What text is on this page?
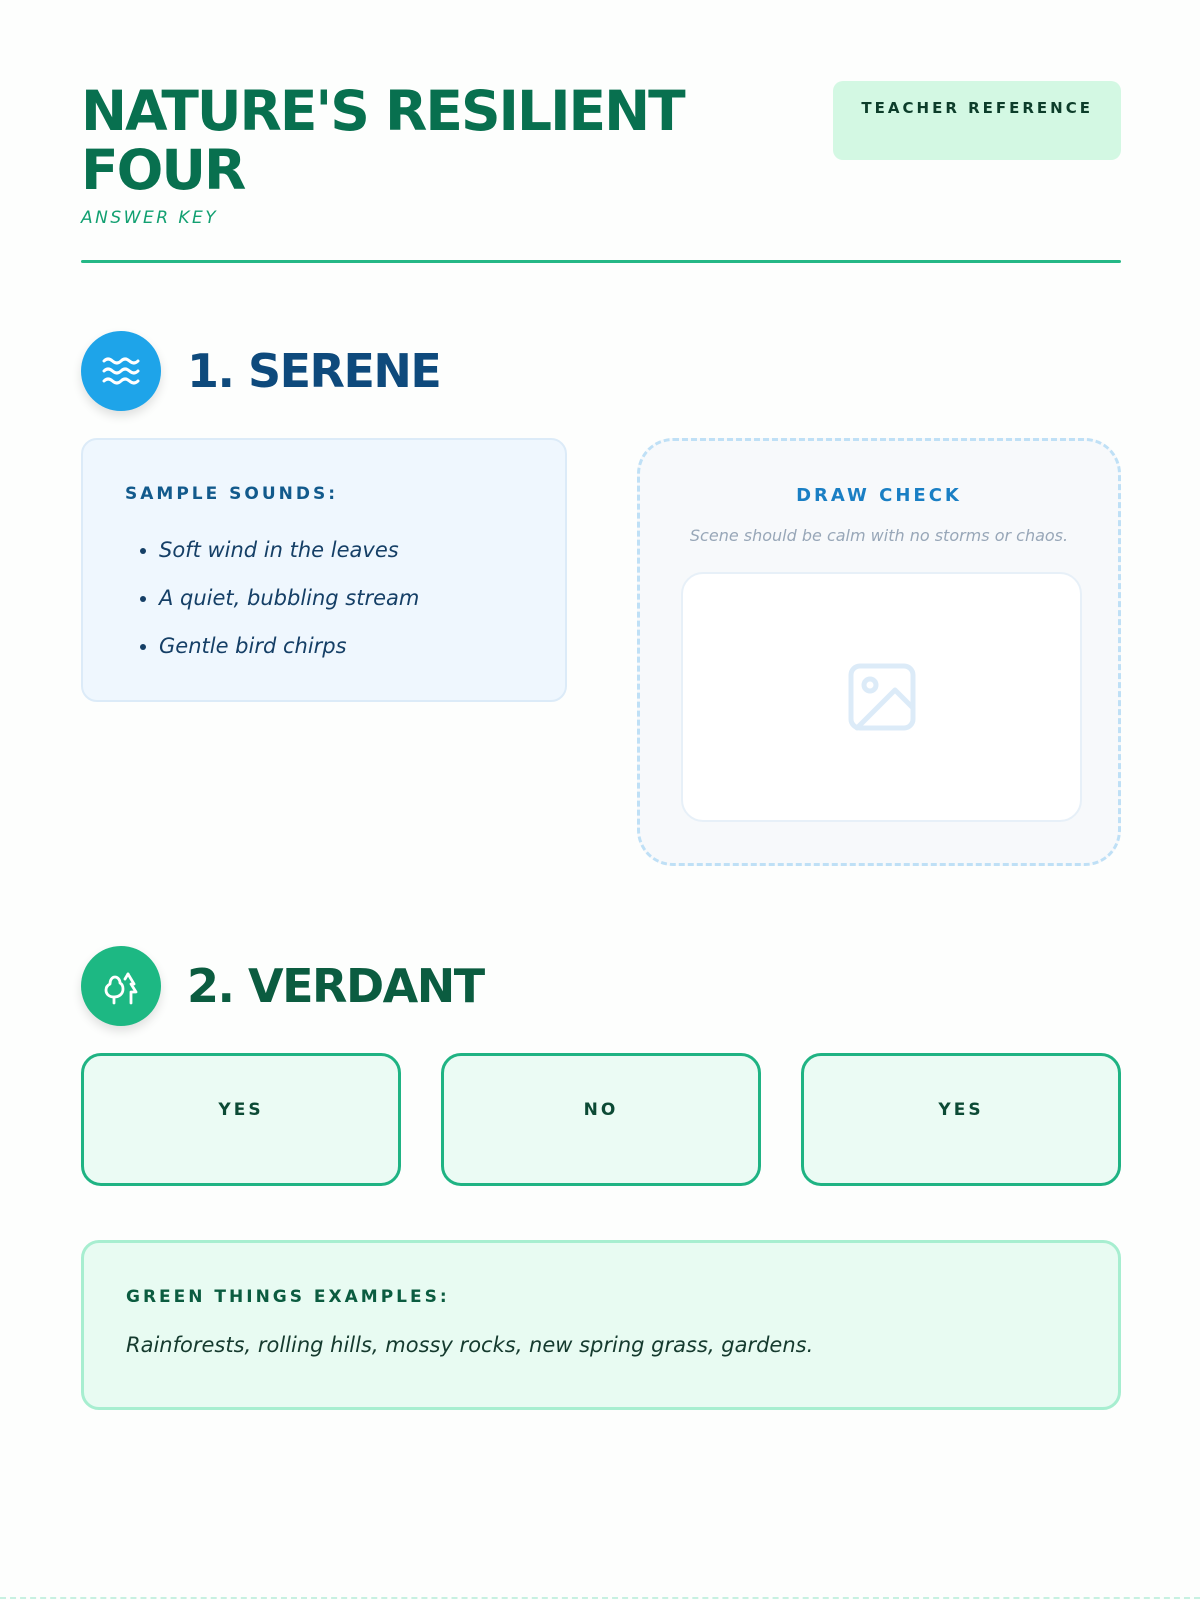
NATURE'S RESILIENT FOUR
ANSWER KEY
TEACHER REFERENCE
1. SERENE
SAMPLE SOUNDS:
• Soft wind in the leaves
• A quiet, bubbling stream
• Gentle bird chirps
DRAW CHECK
Scene should be calm with no storms or chaos.
2. VERDANT
YES	NO	YES
GREEN THINGS EXAMPLES:
Rainforests, rolling hills, mossy rocks, new spring grass, gardens.
